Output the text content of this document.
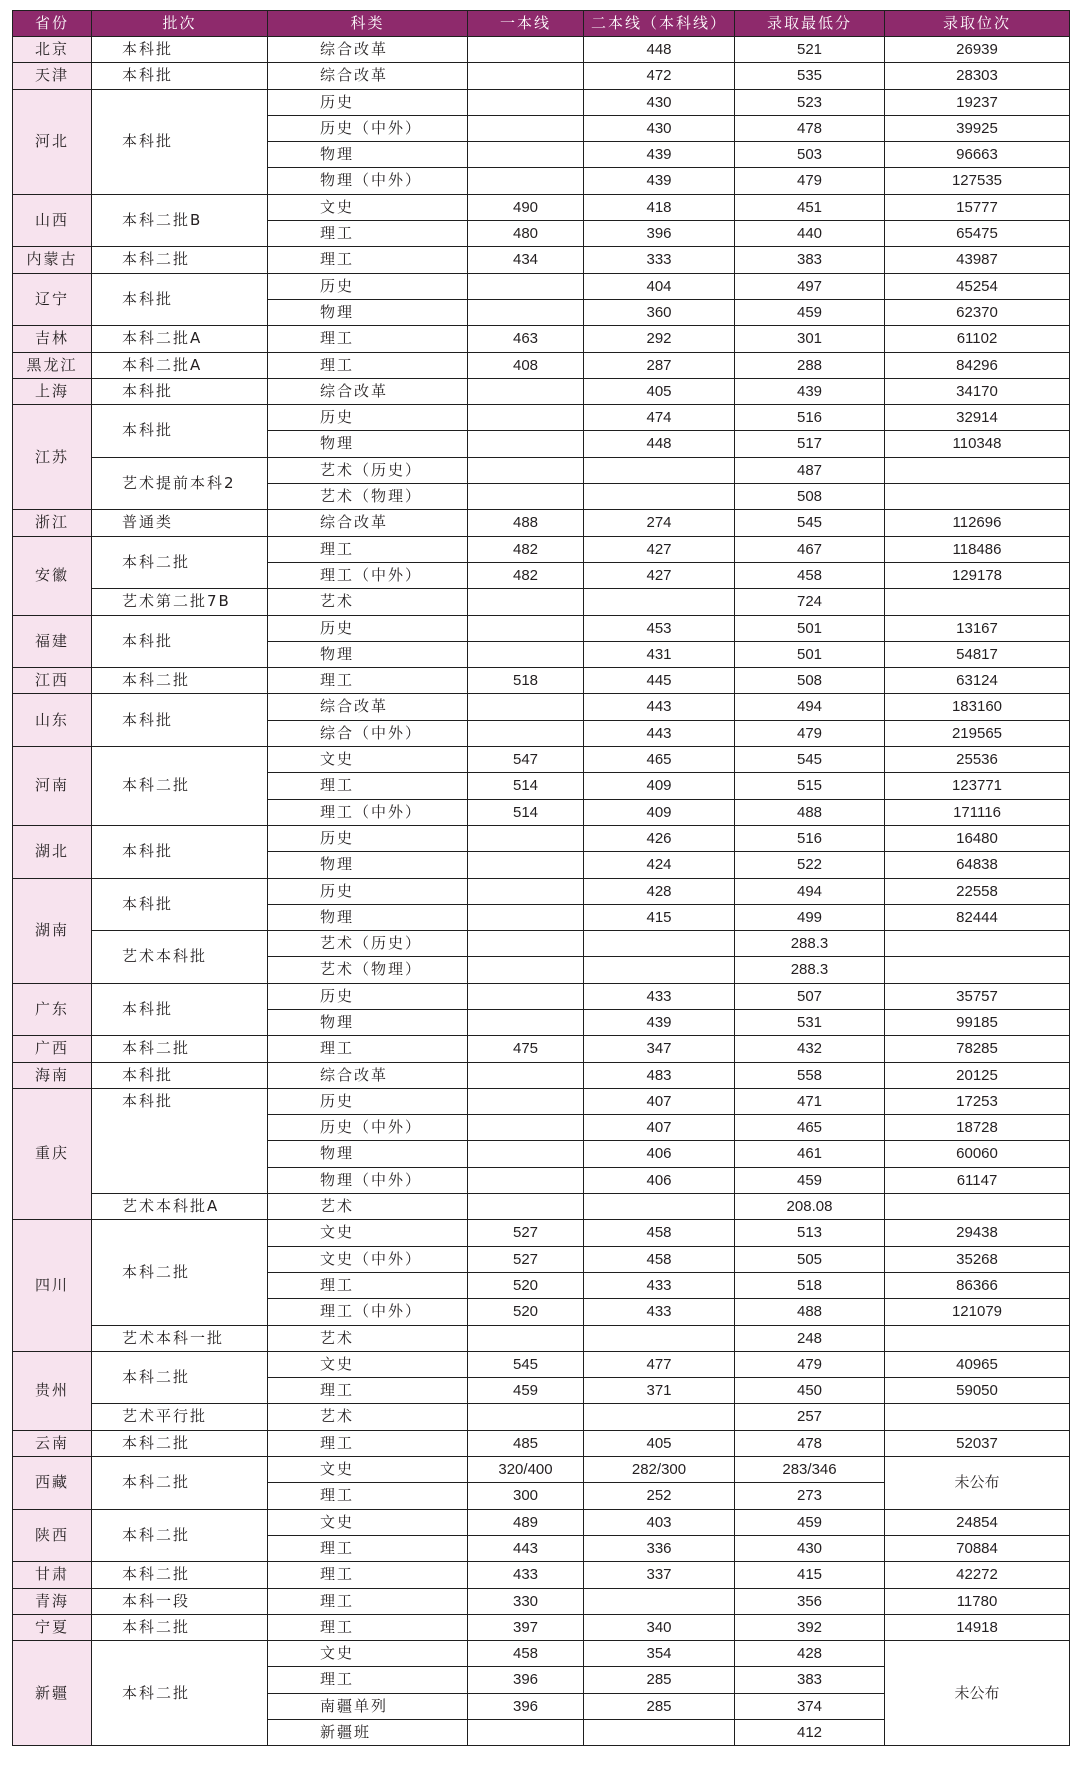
省份	批次	科类	一本线	二本线（本科线）	录取最低分	录取位次
北京	本科批	综合改革		448	521	26939
天津	本科批	综合改革		472	535	28303
河北	本科批	历史		430	523	19237
		历史（中外）		430	478	39925
		物理		439	503	96663
		物理（中外）		439	479	127535
山西	本科二批B	文史	490	418	451	15777
		理工	480	396	440	65475
内蒙古	本科二批	理工	434	333	383	43987
辽宁	本科批	历史		404	497	45254
		物理		360	459	62370
吉林	本科二批A	理工	463	292	301	61102
黑龙江	本科二批A	理工	408	287	288	84296
上海	本科批	综合改革		405	439	34170
江苏	本科批	历史		474	516	32914
		物理		448	517	110348
	艺术提前本科2	艺术（历史）			487	
		艺术（物理）			508	
浙江	普通类	综合改革	488	274	545	112696
安徽	本科二批	理工	482	427	467	118486
		理工（中外）	482	427	458	129178
	艺术第二批7B	艺术			724	
福建	本科批	历史		453	501	13167
		物理		431	501	54817
江西	本科二批	理工	518	445	508	63124
山东	本科批	综合改革		443	494	183160
		综合（中外）		443	479	219565
河南	本科二批	文史	547	465	545	25536
		理工	514	409	515	123771
		理工（中外）	514	409	488	171116
湖北	本科批	历史		426	516	16480
		物理		424	522	64838
湖南	本科批	历史		428	494	22558
		物理		415	499	82444
	艺术本科批	艺术（历史）			288.3	
		艺术（物理）			288.3	
广东	本科批	历史		433	507	35757
		物理		439	531	99185
广西	本科二批	理工	475	347	432	78285
海南	本科批	综合改革		483	558	20125
重庆	本科批	历史		407	471	17253
		历史（中外）		407	465	18728
		物理		406	461	60060
		物理（中外）		406	459	61147
	艺术本科批A	艺术			208.08	
四川	本科二批	文史	527	458	513	29438
		文史（中外）	527	458	505	35268
		理工	520	433	518	86366
		理工（中外）	520	433	488	121079
	艺术本科一批	艺术			248	
贵州	本科二批	文史	545	477	479	40965
		理工	459	371	450	59050
	艺术平行批	艺术			257	
云南	本科二批	理工	485	405	478	52037
西藏	本科二批	文史	320/400	282/300	283/346	未公布
		理工	300	252	273	
陕西	本科二批	文史	489	403	459	24854
		理工	443	336	430	70884
甘肃	本科二批	理工	433	337	415	42272
青海	本科一段	理工	330		356	11780
宁夏	本科二批	理工	397	340	392	14918
新疆	本科二批	文史	458	354	428	未公布
		理工	396	285	383	
		南疆单列	396	285	374	
		新疆班			412	
